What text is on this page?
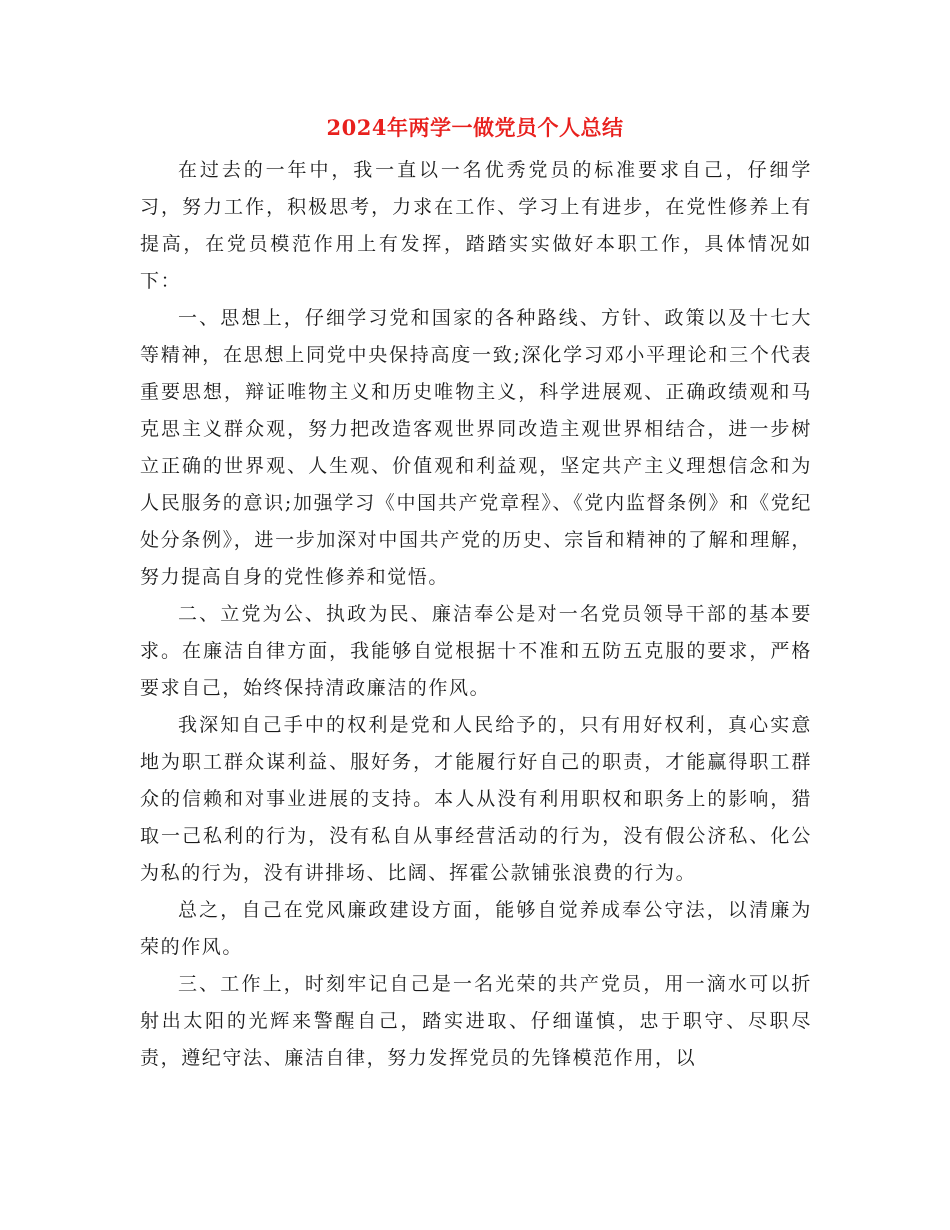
2024年两学一做党员个人总结

在过去的一年中，我一直以一名优秀党员的标准要求自己，仔细学习，努力工作，积极思考，力求在工作、学习上有进步，在党性修养上有提高，在党员模范作用上有发挥，踏踏实实做好本职工作，具体情况如下：

一、思想上，仔细学习党和国家的各种路线、方针、政策以及十七大等精神，在思想上同党中央保持高度一致;深化学习邓小平理论和三个代表重要思想，辩证唯物主义和历史唯物主义，科学进展观、正确政绩观和马克思主义群众观，努力把改造客观世界同改造主观世界相结合，进一步树立正确的世界观、人生观、价值观和利益观，坚定共产主义理想信念和为人民服务的意识;加强学习《中国共产党章程》、《党内监督条例》和《党纪处分条例》，进一步加深对中国共产党的历史、宗旨和精神的了解和理解，努力提高自身的党性修养和觉悟。

二、立党为公、执政为民、廉洁奉公是对一名党员领导干部的基本要求。在廉洁自律方面，我能够自觉根据十不准和五防五克服的要求，严格要求自己，始终保持清政廉洁的作风。

我深知自己手中的权利是党和人民给予的，只有用好权利，真心实意地为职工群众谋利益、服好务，才能履行好自己的职责，才能赢得职工群众的信赖和对事业进展的支持。本人从没有利用职权和职务上的影响，猎取一己私利的行为，没有私自从事经营活动的行为，没有假公济私、化公为私的行为，没有讲排场、比阔、挥霍公款铺张浪费的行为。

总之，自己在党风廉政建设方面，能够自觉养成奉公守法，以清廉为荣的作风。

三、工作上，时刻牢记自己是一名光荣的共产党员，用一滴水可以折射出太阳的光辉来警醒自己，踏实进取、仔细谨慎，忠于职守、尽职尽责，遵纪守法、廉洁自律，努力发挥党员的先锋模范作用，以
